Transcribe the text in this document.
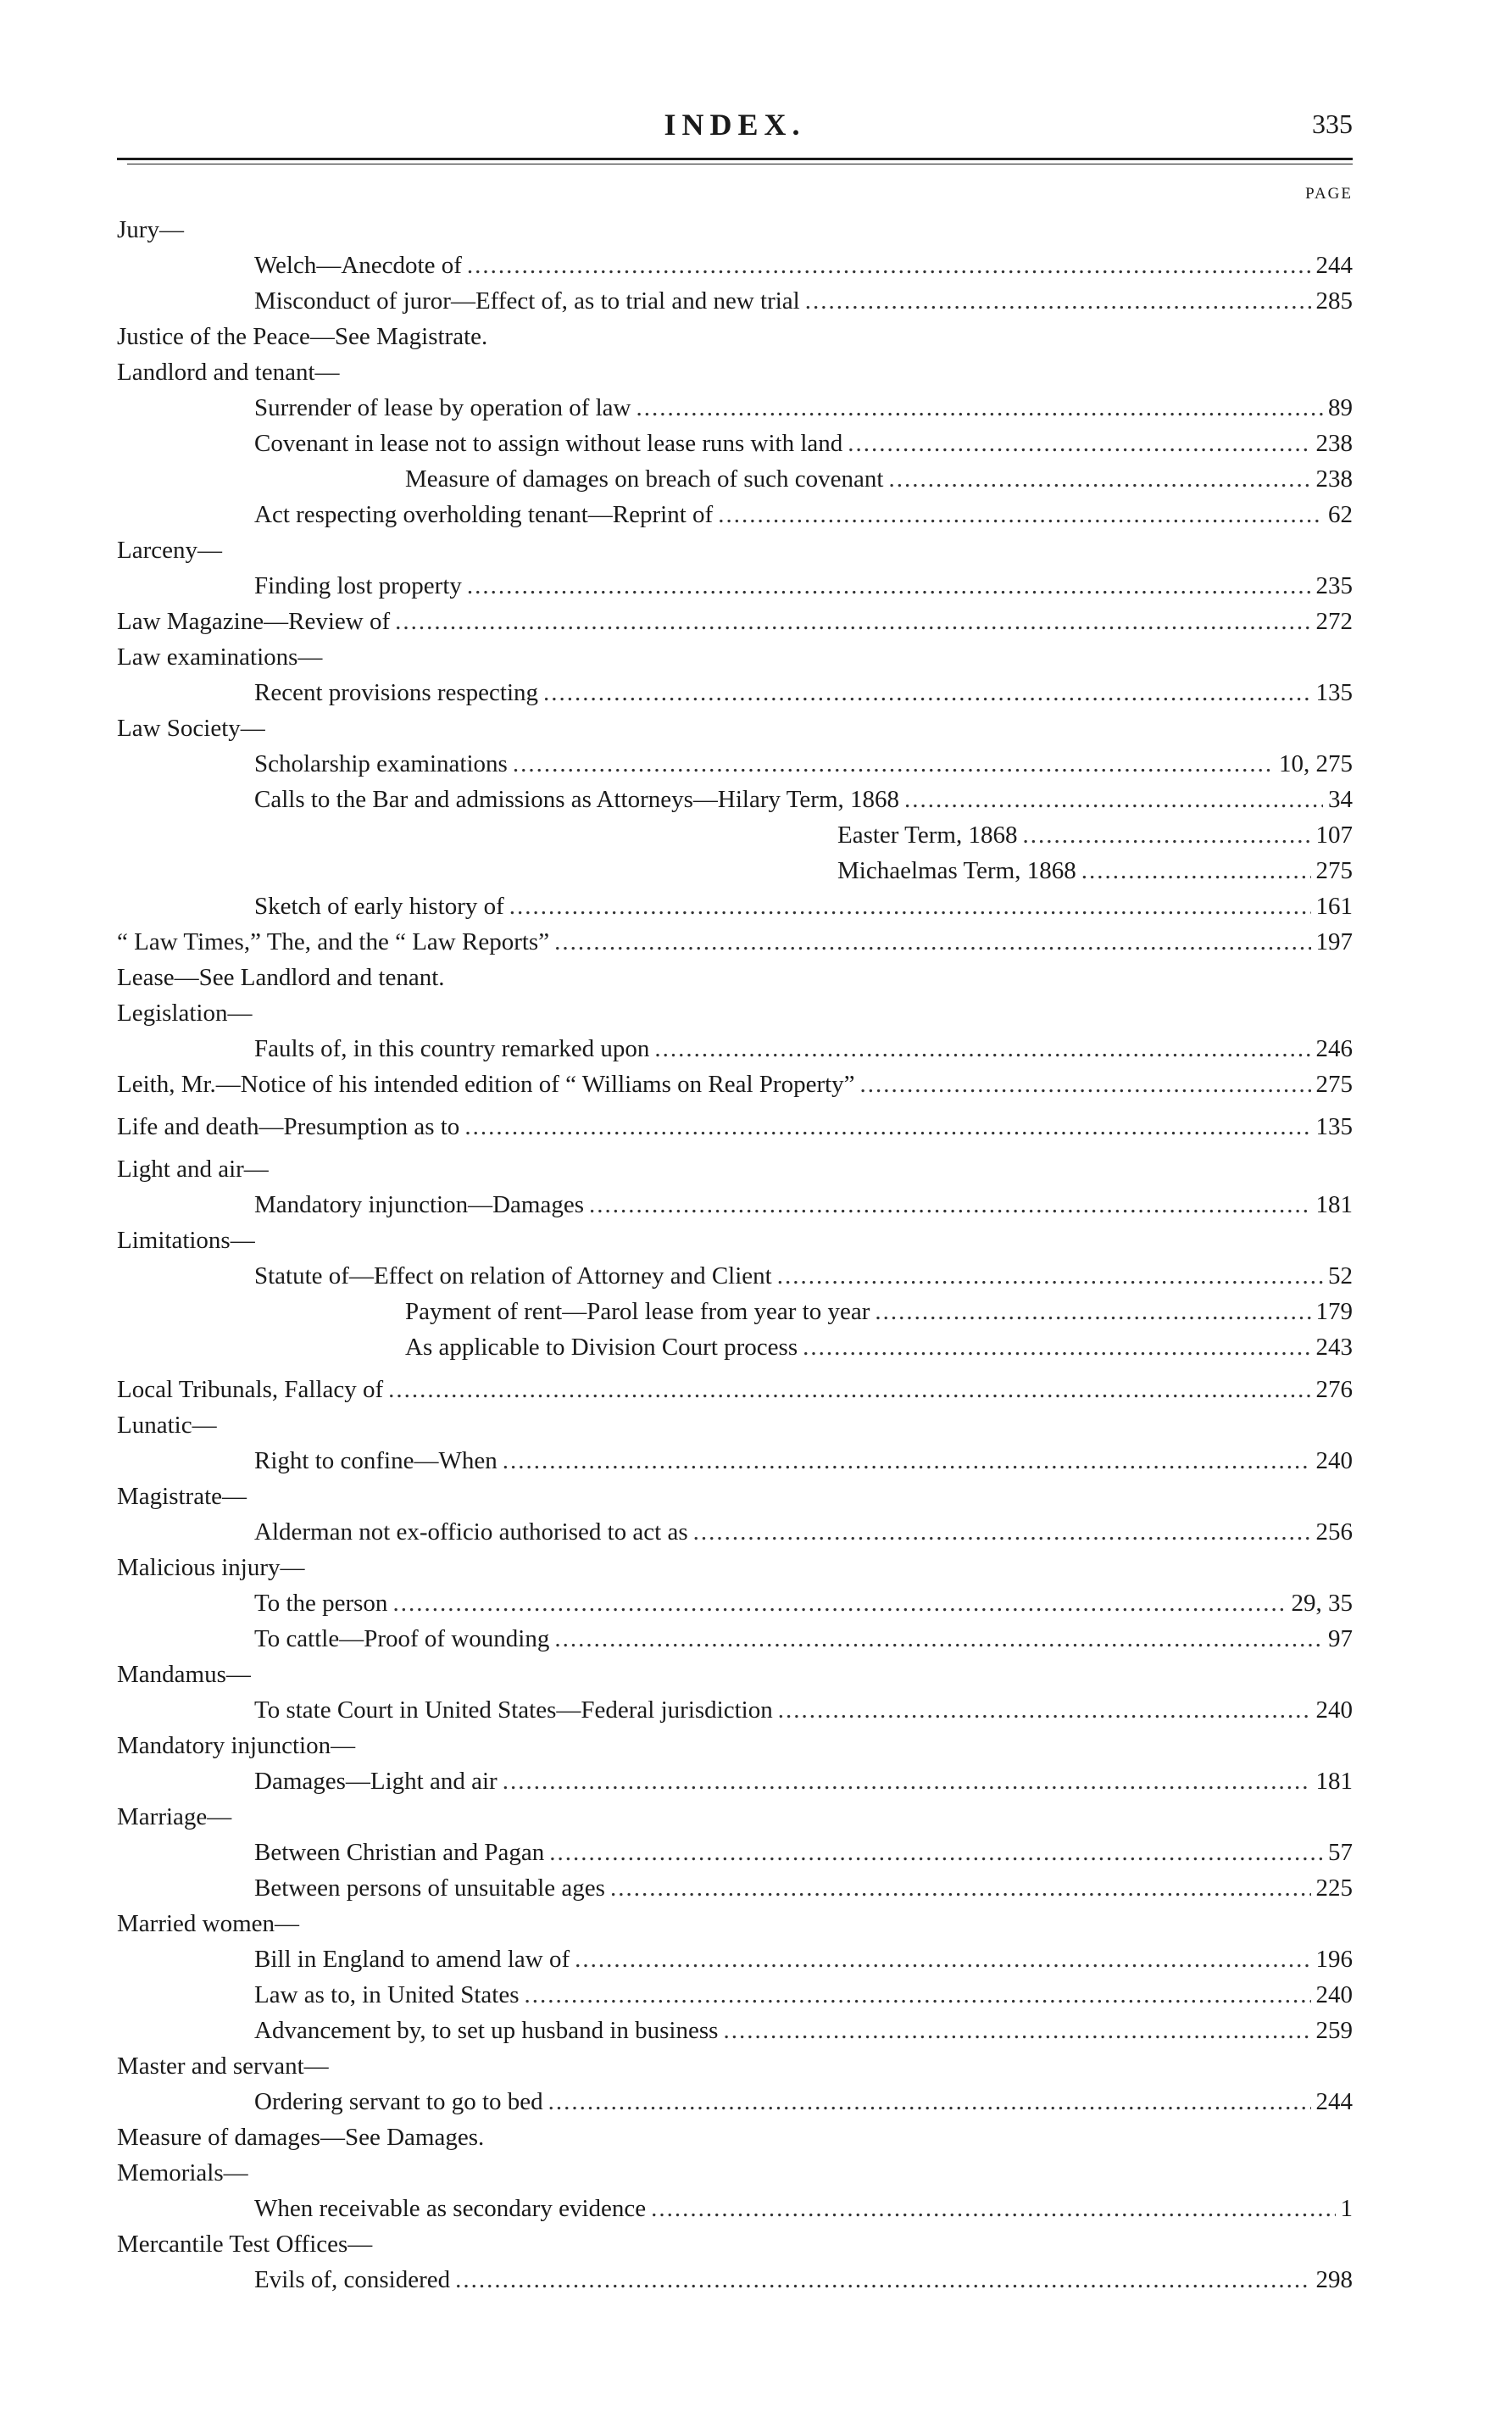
INDEX.	335
PAGE
Jury—
Welch—Anecdote of .....	244
Misconduct of juror—Effect of, as to trial and new trial .....	285
Justice of the Peace—See Magistrate.
Landlord and tenant—
Surrender of lease by operation of law .....	89
Covenant in lease not to assign without lease runs with land .....	238
Measure of damages on breach of such covenant .....	238
Act respecting overholding tenant—Reprint of .....	62
Larceny—
Finding lost property .....	235
Law Magazine—Review of .....	272
Law examinations—
Recent provisions respecting .....	135
Law Society—
Scholarship examinations .....	10, 275
Calls to the Bar and admissions as Attorneys—Hilary Term, 1868 .....	34
Easter Term, 1868 .....	107
Michaelmas Term, 1868 .....	275
Sketch of early history of .....	161
“ Law Times,” The, and the “ Law Reports” .....	197
Lease—See Landlord and tenant.
Legislation—
Faults of, in this country remarked upon .....	246
Leith, Mr.—Notice of his intended edition of “ Williams on Real Property” .....	275
Life and death—Presumption as to .....	135
Light and air—
Mandatory injunction—Damages .....	181
Limitations—
Statute of—Effect on relation of Attorney and Client .....	52
Payment of rent—Parol lease from year to year .....	179
As applicable to Division Court process .....	243
Local Tribunals, Fallacy of .....	276
Lunatic—
Right to confine—When .....	240
Magistrate—
Alderman not ex-officio authorised to act as .....	256
Malicious injury—
To the person .....	29, 35
To cattle—Proof of wounding .....	97
Mandamus—
To state Court in United States—Federal jurisdiction .....	240
Mandatory injunction—
Damages—Light and air .....	181
Marriage—
Between Christian and Pagan .....	57
Between persons of unsuitable ages .....	225
Married women—
Bill in England to amend law of .....	196
Law as to, in United States .....	240
Advancement by, to set up husband in business .....	259
Master and servant—
Ordering servant to go to bed .....	244
Measure of damages—See Damages.
Memorials—
When receivable as secondary evidence .....	1
Mercantile Test Offices—
Evils of, considered .....	298
